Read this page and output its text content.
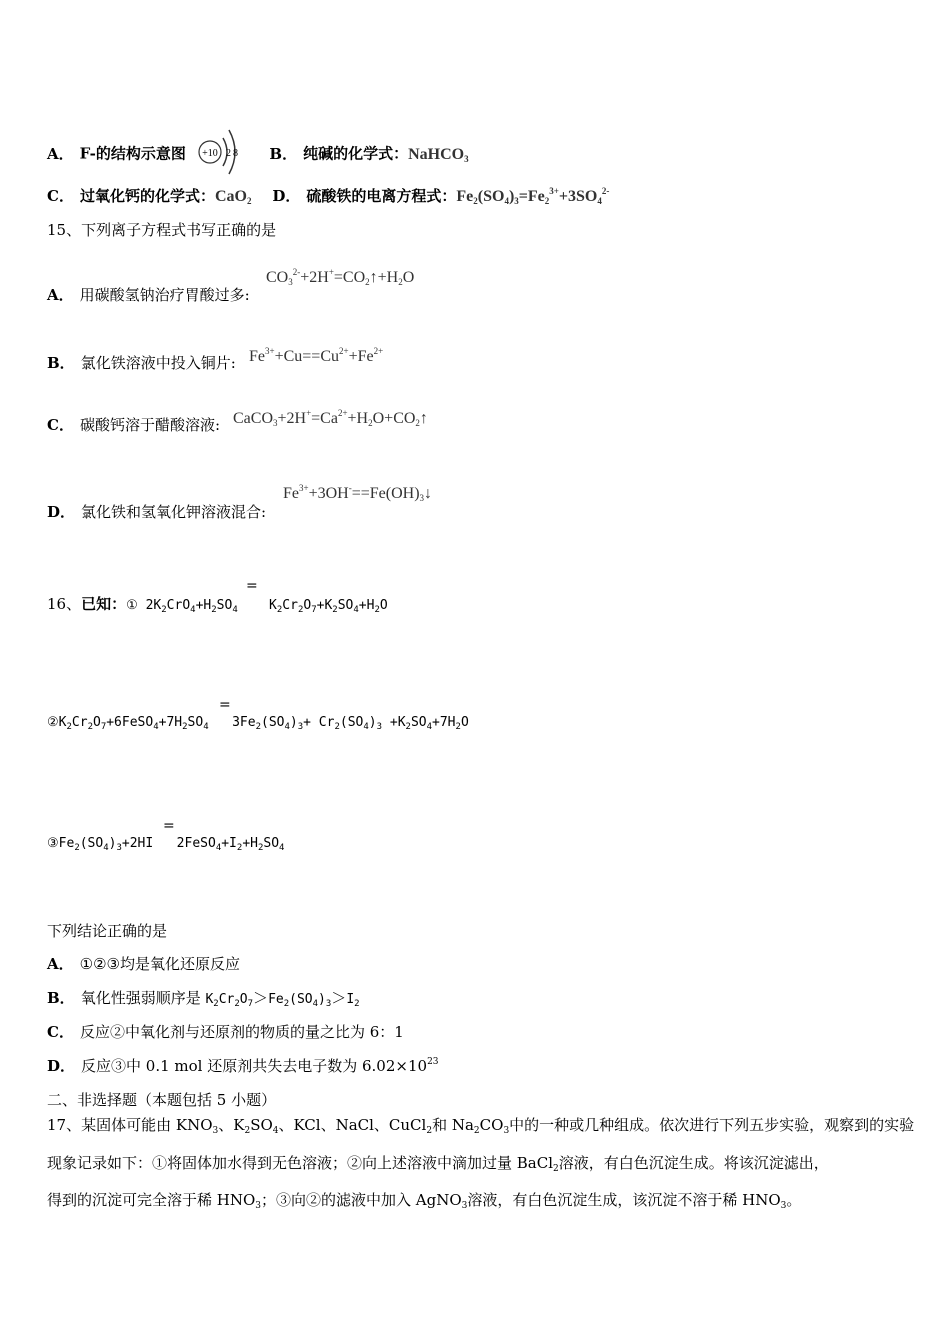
A． F-的结构示意图 +10 2 8 B． 纯碱的化学式：NaHCO$_3$
C． 过氧化钙的化学式：CaO$_2$ D． 硫酸铁的电离方程式：$Fe_2(SO_4)_3=Fe_2^{3+}+3SO_4^{2-}$
15、下列离子方程式书写正确的是
A． 用碳酸氢钠治疗胃酸过多:
$CO_3^{2-}+2H^+=CO_2↑+H_2O$
B． 氯化铁溶液中投入铜片: $Fe^{3+}+Cu==Cu^{2+}+Fe^{2+}$
C． 碳酸钙溶于醋酸溶液: $CaCO_3+2H^+=Ca^{2+}+H_2O+CO_2↑$
D． 氯化铁和氢氧化钾溶液混合:
$Fe^{3+}+3OH^-==Fe(OH)_3↓$
16、已知：① $2K_2CrO_4+H_2SO_4$    $K_2Cr_2O_7+K_2SO_4+H_2O$
=
$②K_2Cr_2O_7+6FeSO_4+7H_2SO_4$   $3Fe_2(SO_4)_3+ Cr_2(SO_4)_3 +K_2SO_4+7H_2O$
=
$③Fe_2(SO_4)_3+2HI$   $2FeSO_4+I_2+H_2SO_4$
=
下列结论正确的是
A． ①②③均是氧化还原反应
B． 氧化性强弱顺序是 $K_2Cr_2O_7>Fe_2(SO_4)_3>I_2$
C． 反应②中氧化剂与还原剂的物质的量之比为 6：1
D． 反应③中 0.1 mol 还原剂共失去电子数为 $6.02\times 10^{23}$
二、非选择题（本题包括 5 小题）
17、某固体可能由 $KNO_3$、$K_2SO_4$、KCl、NaCl、CuCl$_2$和 $Na_2CO_3$中的一种或几种组成。依次进行下列五步实验，观察到的实验
现象记录如下：①将固体加水得到无色溶液；②向上述溶液中滴加过量 BaCl$_2$溶液，有白色沉淀生成。将该沉淀滤出，
得到的沉淀可完全溶于稀 $HNO_3$；③向②的滤液中加入 AgNO$_3$溶液，有白色沉淀生成，该沉淀不溶于稀 $HNO_3$。
